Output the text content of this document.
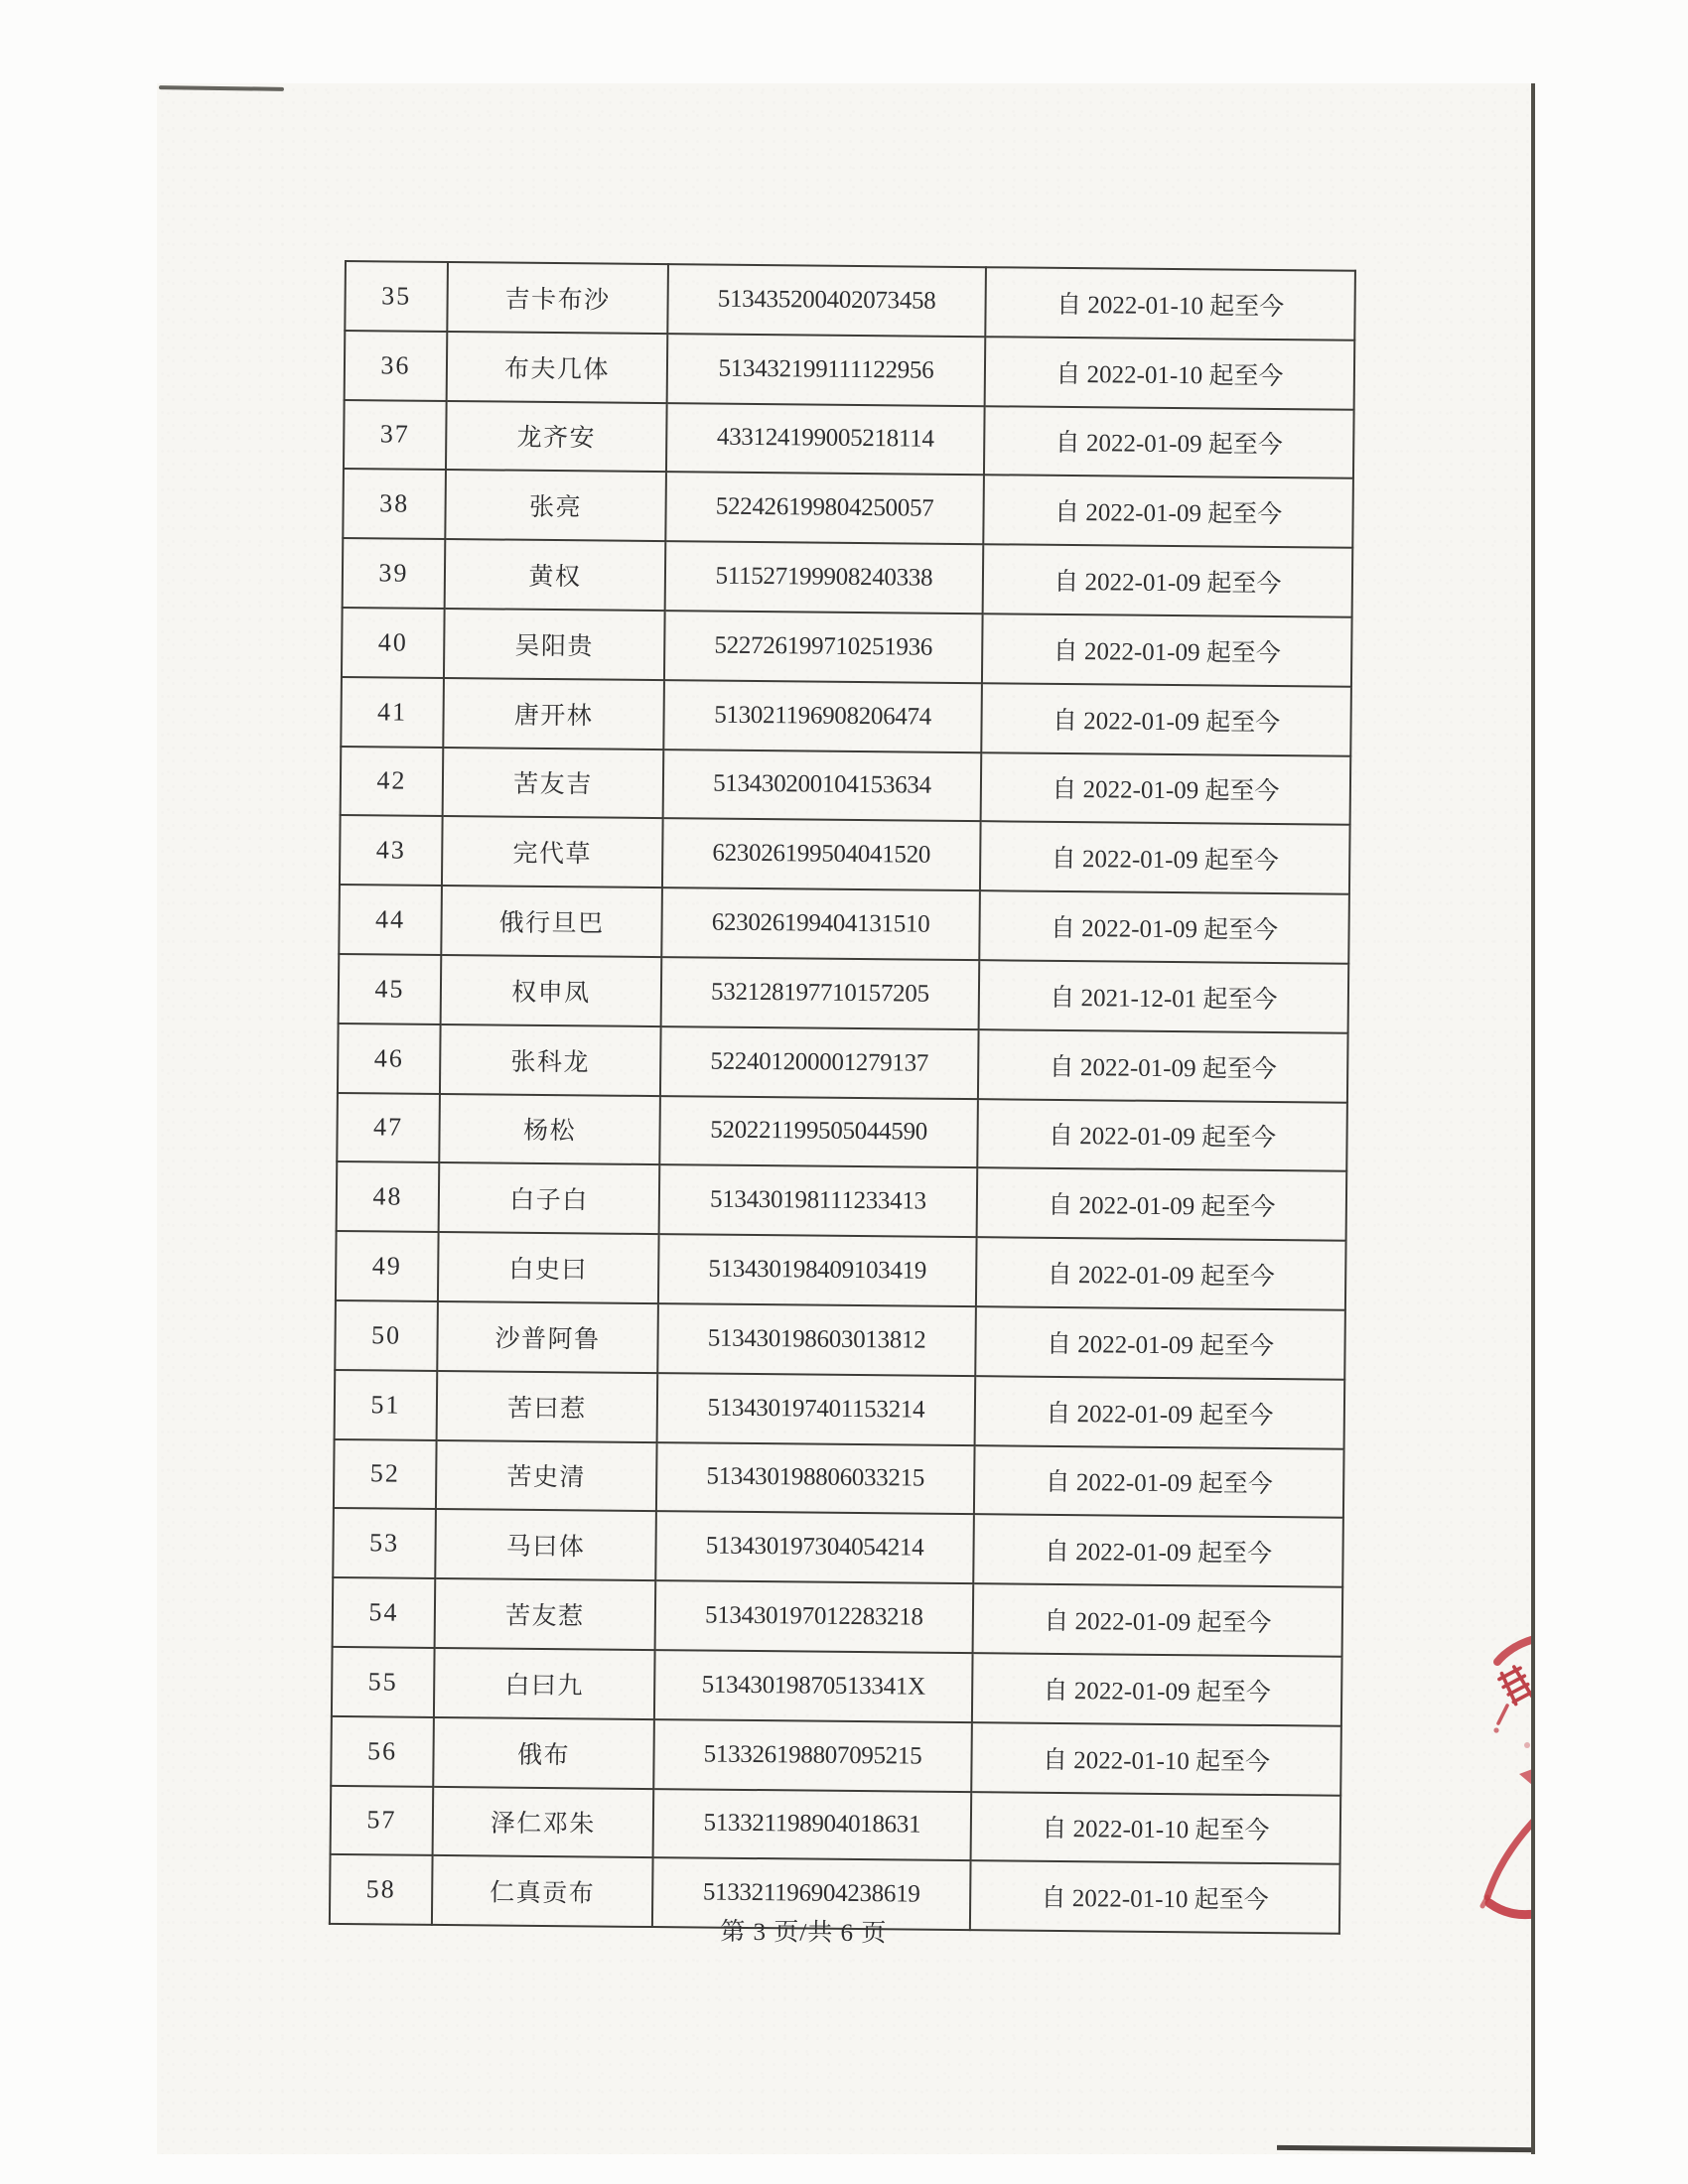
35	吉卡布沙	513435200402073458	自 2022-01-10 起至今
36	布夫几体	513432199111122956	自 2022-01-10 起至今
37	龙齐安	433124199005218114	自 2022-01-09 起至今
38	张亮	522426199804250057	自 2022-01-09 起至今
39	黄权	511527199908240338	自 2022-01-09 起至今
40	吴阳贵	522726199710251936	自 2022-01-09 起至今
41	唐开林	513021196908206474	自 2022-01-09 起至今
42	苦友吉	513430200104153634	自 2022-01-09 起至今
43	完代草	623026199504041520	自 2022-01-09 起至今
44	俄行旦巴	623026199404131510	自 2022-01-09 起至今
45	权申凤	532128197710157205	自 2021-12-01 起至今
46	张科龙	522401200001279137	自 2022-01-09 起至今
47	杨松	520221199505044590	自 2022-01-09 起至今
48	白子白	513430198111233413	自 2022-01-09 起至今
49	白史曰	513430198409103419	自 2022-01-09 起至今
50	沙普阿鲁	513430198603013812	自 2022-01-09 起至今
51	苦曰惹	513430197401153214	自 2022-01-09 起至今
52	苦史清	513430198806033215	自 2022-01-09 起至今
53	马曰体	513430197304054214	自 2022-01-09 起至今
54	苦友惹	513430197012283218	自 2022-01-09 起至今
55	白曰九	51343019870513341X	自 2022-01-09 起至今
56	俄布	513326198807095215	自 2022-01-10 起至今
57	泽仁邓朱	513321198904018631	自 2022-01-10 起至今
58	仁真贡布	513321196904238619	自 2022-01-10 起至今
第 3 页/共 6 页
